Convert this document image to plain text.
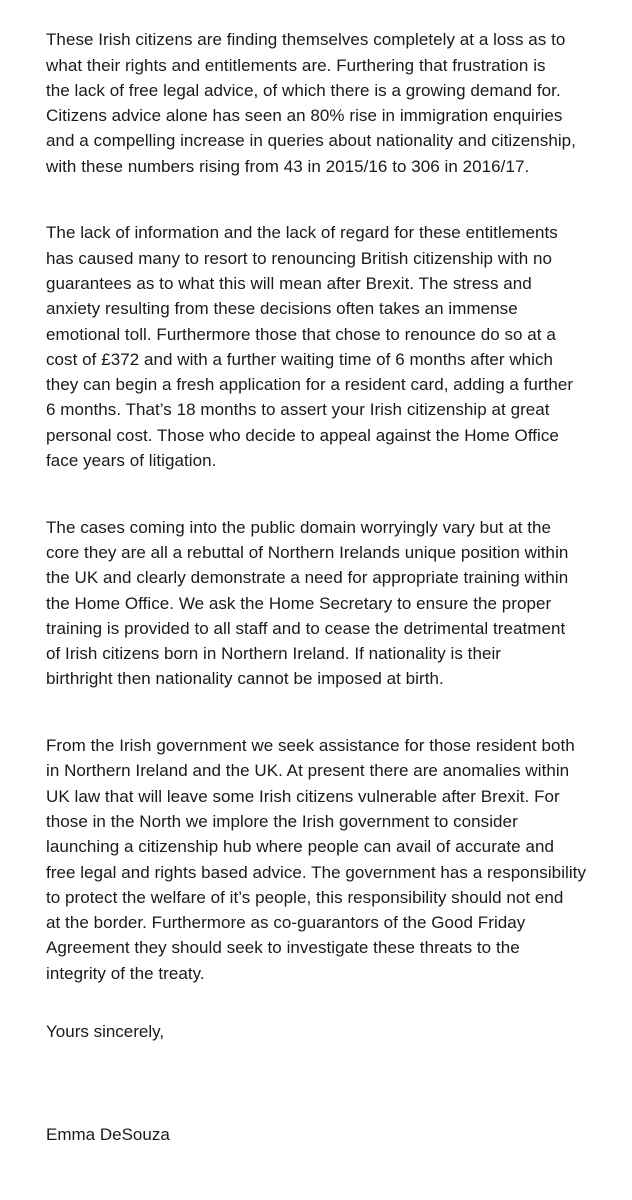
These Irish citizens are finding themselves completely at a loss as to
what their rights and entitlements are. Furthering that frustration is
the lack of free legal advice, of which there is a growing demand for.
Citizens advice alone has seen an 80% rise in immigration enquiries
and a compelling increase in queries about nationality and citizenship,
with these numbers rising from 43 in 2015/16 to 306 in 2016/17.

The lack of information and the lack of regard for these entitlements
has caused many to resort to renouncing British citizenship with no
guarantees as to what this will mean after Brexit. The stress and
anxiety resulting from these decisions often takes an immense
emotional toll. Furthermore those that chose to renounce do so at a
cost of £372 and with a further waiting time of 6 months after which
they can begin a fresh application for a resident card, adding a further
6 months. That’s 18 months to assert your Irish citizenship at great
personal cost. Those who decide to appeal against the Home Office
face years of litigation.

The cases coming into the public domain worryingly vary but at the
core they are all a rebuttal of Northern Irelands unique position within
the UK and clearly demonstrate a need for appropriate training within
the Home Office. We ask the Home Secretary to ensure the proper
training is provided to all staff and to cease the detrimental treatment
of Irish citizens born in Northern Ireland. If nationality is their
birthright then nationality cannot be imposed at birth.

From the Irish government we seek assistance for those resident both
in Northern Ireland and the UK. At present there are anomalies within
UK law that will leave some Irish citizens vulnerable after Brexit. For
those in the North we implore the Irish government to consider
launching a citizenship hub where people can avail of accurate and
free legal and rights based advice. The government has a responsibility
to protect the welfare of it’s people, this responsibility should not end
at the border. Furthermore as co-guarantors of the Good Friday
Agreement they should seek to investigate these threats to the
integrity of the treaty.

Yours sincerely,
Emma DeSouza
